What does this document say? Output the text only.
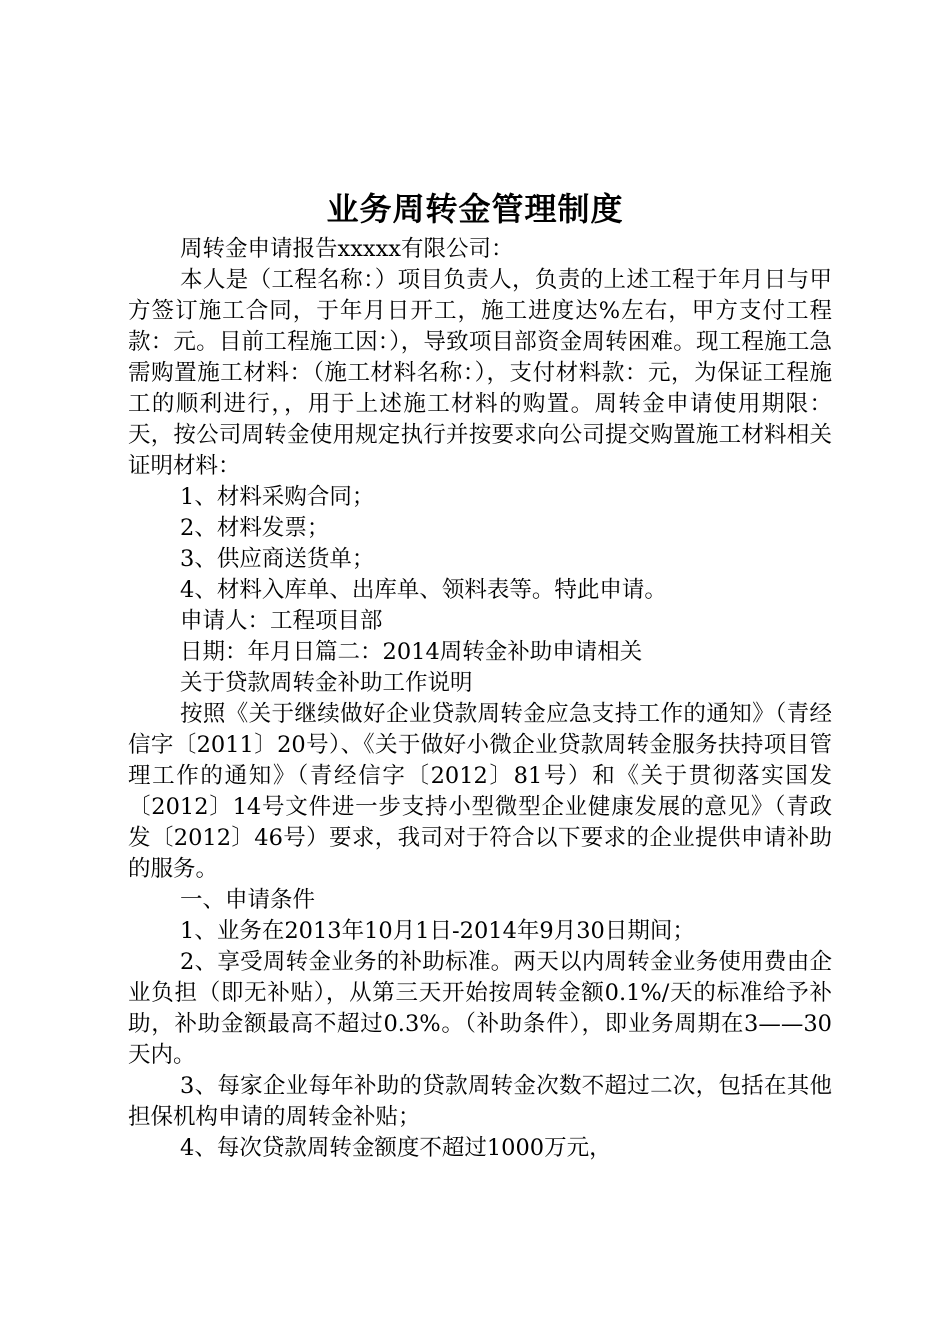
业务周转金管理制度

周转金申请报告xxxxx有限公司：

本人是（工程名称：）项目负责人，负责的上述工程于年月日与甲方签订施工合同，于年月日开工，施工进度达%左右，甲方支付工程款：元。目前工程施工因：），导致项目部资金周转困难。现工程施工急需购置施工材料：（施工材料名称：），支付材料款：元，为保证工程施工的顺利进行，，用于上述施工材料的购置。周转金申请使用期限：天，按公司周转金使用规定执行并按要求向公司提交购置施工材料相关证明材料：

1、材料采购合同；

2、材料发票；

3、供应商送货单；

4、材料入库单、出库单、领料表等。特此申请。

申请人：工程项目部

日期：年月日篇二：2014周转金补助申请相关

关于贷款周转金补助工作说明

按照《关于继续做好企业贷款周转金应急支持工作的通知》（青经信字〔2011〕20号）、《关于做好小微企业贷款周转金服务扶持项目管理工作的通知》（青经信字〔2012〕81号）和《关于贯彻落实国发〔2012〕14号文件进一步支持小型微型企业健康发展的意见》（青政发〔2012〕46号）要求，我司对于符合以下要求的企业提供申请补助的服务。

一、申请条件

1、业务在2013年10月1日-2014年9月30日期间；

2、享受周转金业务的补助标准。两天以内周转金业务使用费由企业负担（即无补贴），从第三天开始按周转金额0.1%/天的标准给予补助，补助金额最高不超过0.3%。（补助条件），即业务周期在3——30天内。

3、每家企业每年补助的贷款周转金次数不超过二次，包括在其他担保机构申请的周转金补贴；

4、每次贷款周转金额度不超过1000万元，
